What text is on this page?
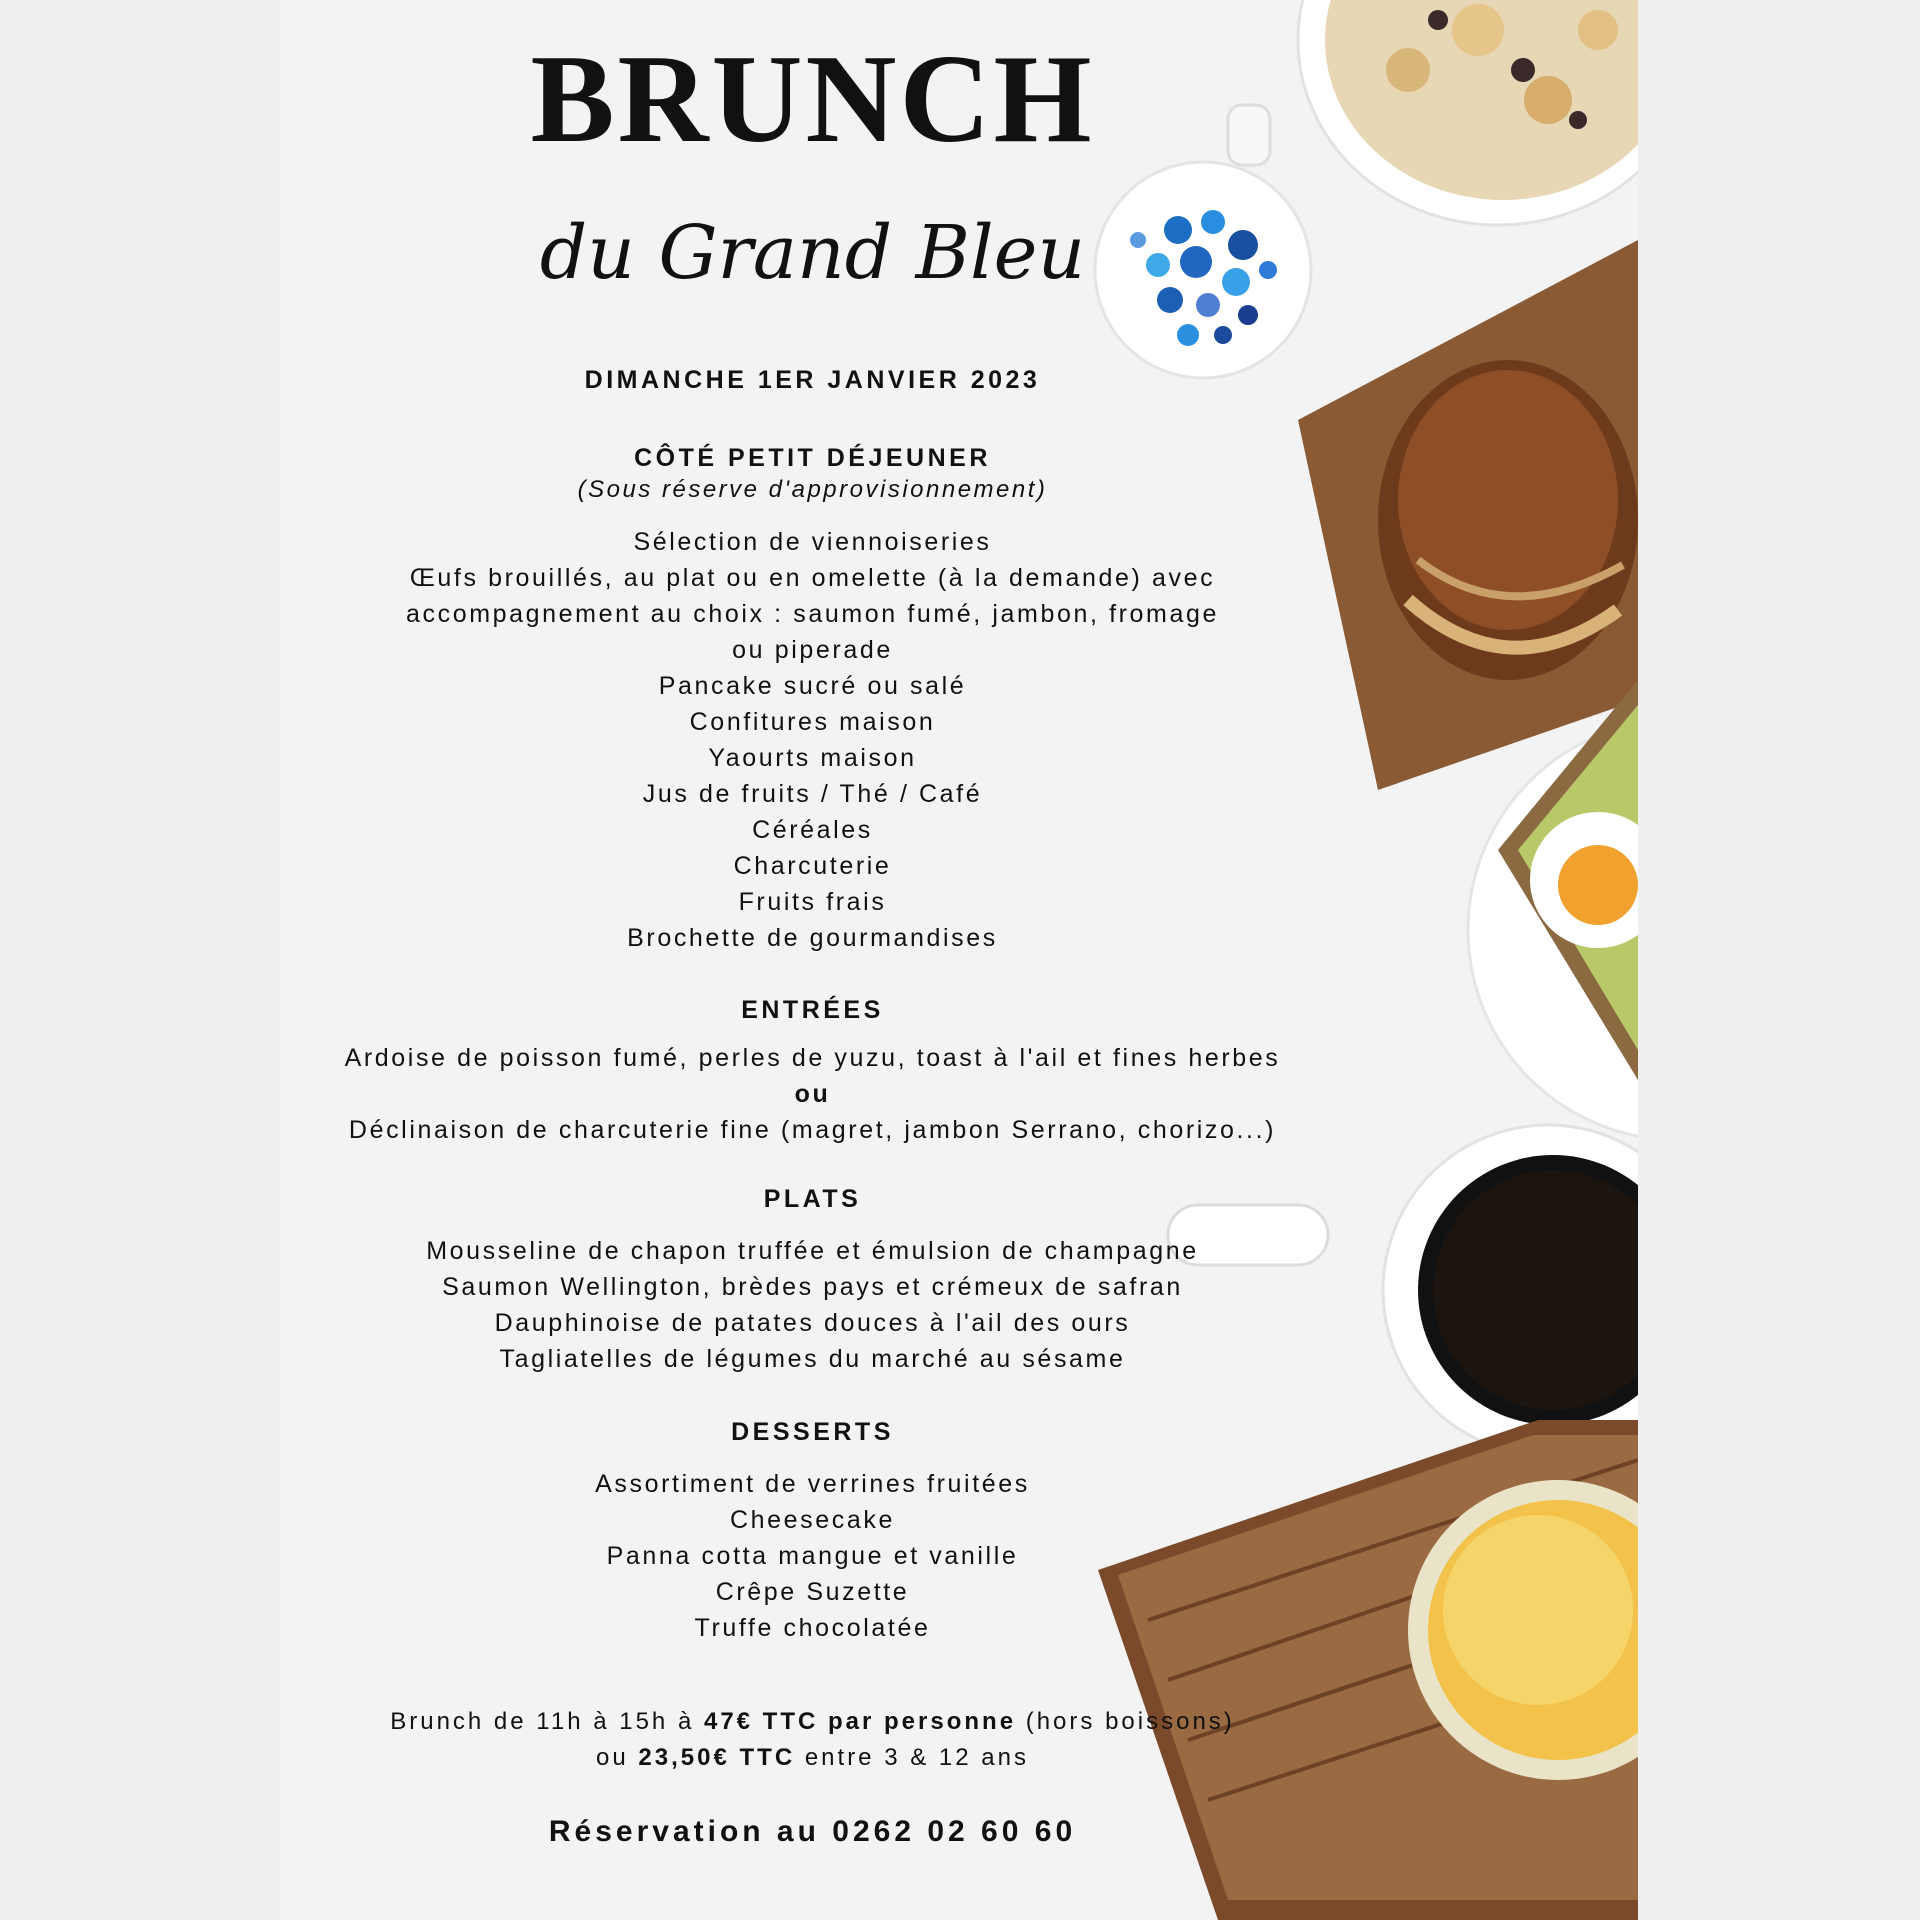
BRUNCH
du Grand Bleu
DIMANCHE 1ER JANVIER 2023
CÔTÉ PETIT DÉJEUNER
(Sous réserve d'approvisionnement)
Sélection de viennoiseries
Œufs brouillés, au plat ou en omelette (à la demande) avec
accompagnement au choix : saumon fumé, jambon, fromage
ou piperade
Pancake sucré ou salé
Confitures maison
Yaourts maison
Jus de fruits / Thé / Café
Céréales
Charcuterie
Fruits frais
Brochette de gourmandises
ENTRÉES
Ardoise de poisson fumé, perles de yuzu, toast à l'ail et fines herbes
ou
Déclinaison de charcuterie fine (magret, jambon Serrano, chorizo...)
PLATS
Mousseline de chapon truffée et émulsion de champagne
Saumon Wellington, brèdes pays et crémeux de safran
Dauphinoise de patates douces à l'ail des ours
Tagliatelles de légumes du marché au sésame
DESSERTS
Assortiment de verrines fruitées
Cheesecake
Panna cotta mangue et vanille
Crêpe Suzette
Truffe chocolatée
Brunch de 11h à 15h à 47€ TTC par personne (hors boissons)
ou 23,50€ TTC entre 3 & 12 ans
Réservation au 0262 02 60 60
